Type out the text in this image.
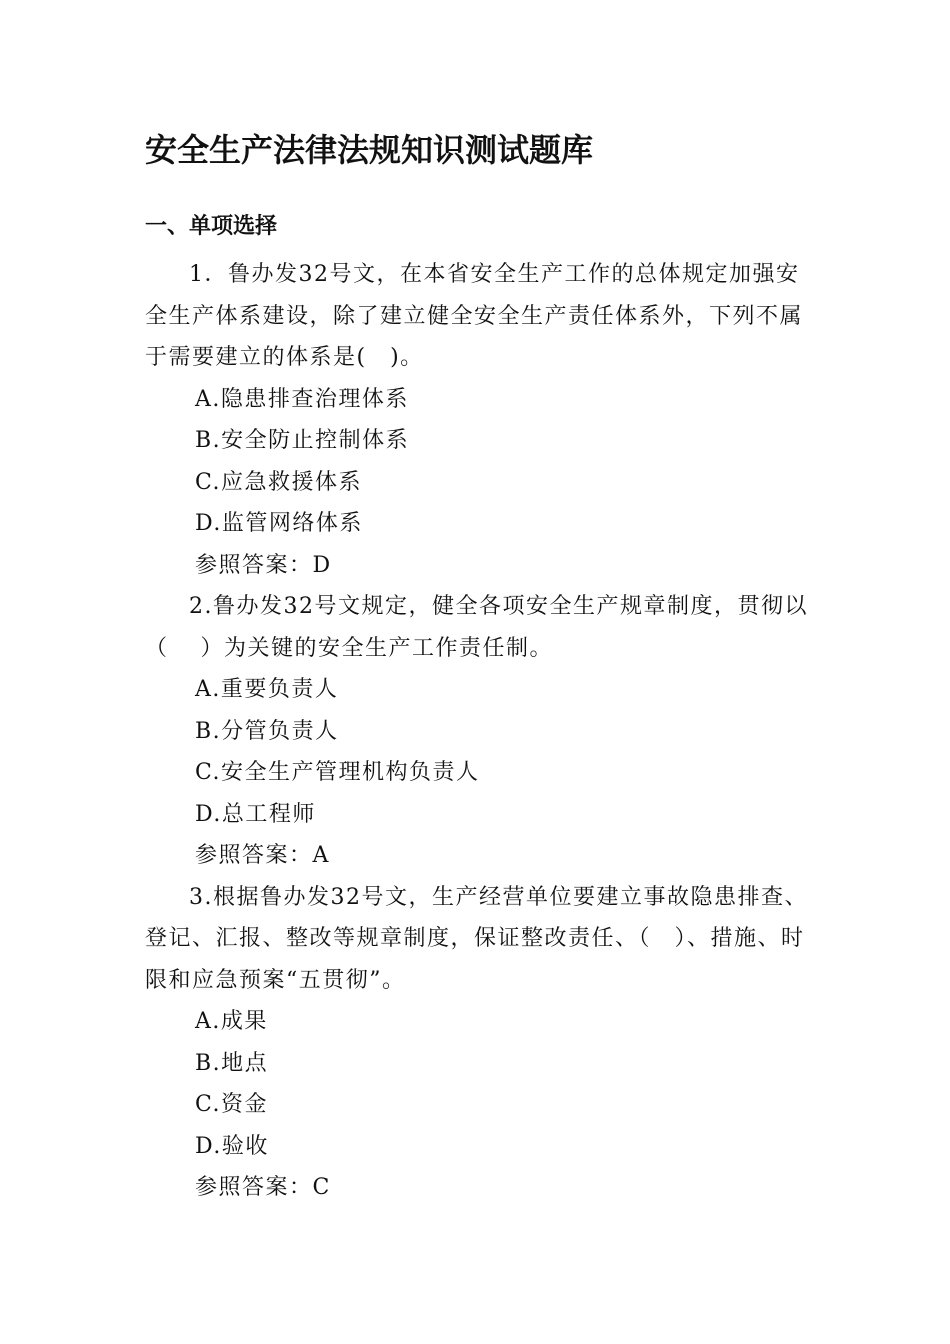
安全生产法律法规知识测试题库
一、单项选择

1．鲁办发32号文，在本省安全生产工作的总体规定加强安全生产体系建设，除了建立健全安全生产责任体系外，下列不属于需要建立的体系是(　)。

A.隐患排查治理体系

B.安全防止控制体系

C.应急救援体系

D.监管网络体系

参照答案：D

2.鲁办发32号文规定，健全各项安全生产规章制度，贯彻以（　 ）为关键的安全生产工作责任制。

A.重要负责人

B.分管负责人

C.安全生产管理机构负责人

D.总工程师

参照答案：A

3.根据鲁办发32号文，生产经营单位要建立事故隐患排查、登记、汇报、整改等规章制度，保证整改责任、（　）、措施、时限和应急预案“五贯彻”。

A.成果

B.地点

C.资金

D.验收

参照答案：C
